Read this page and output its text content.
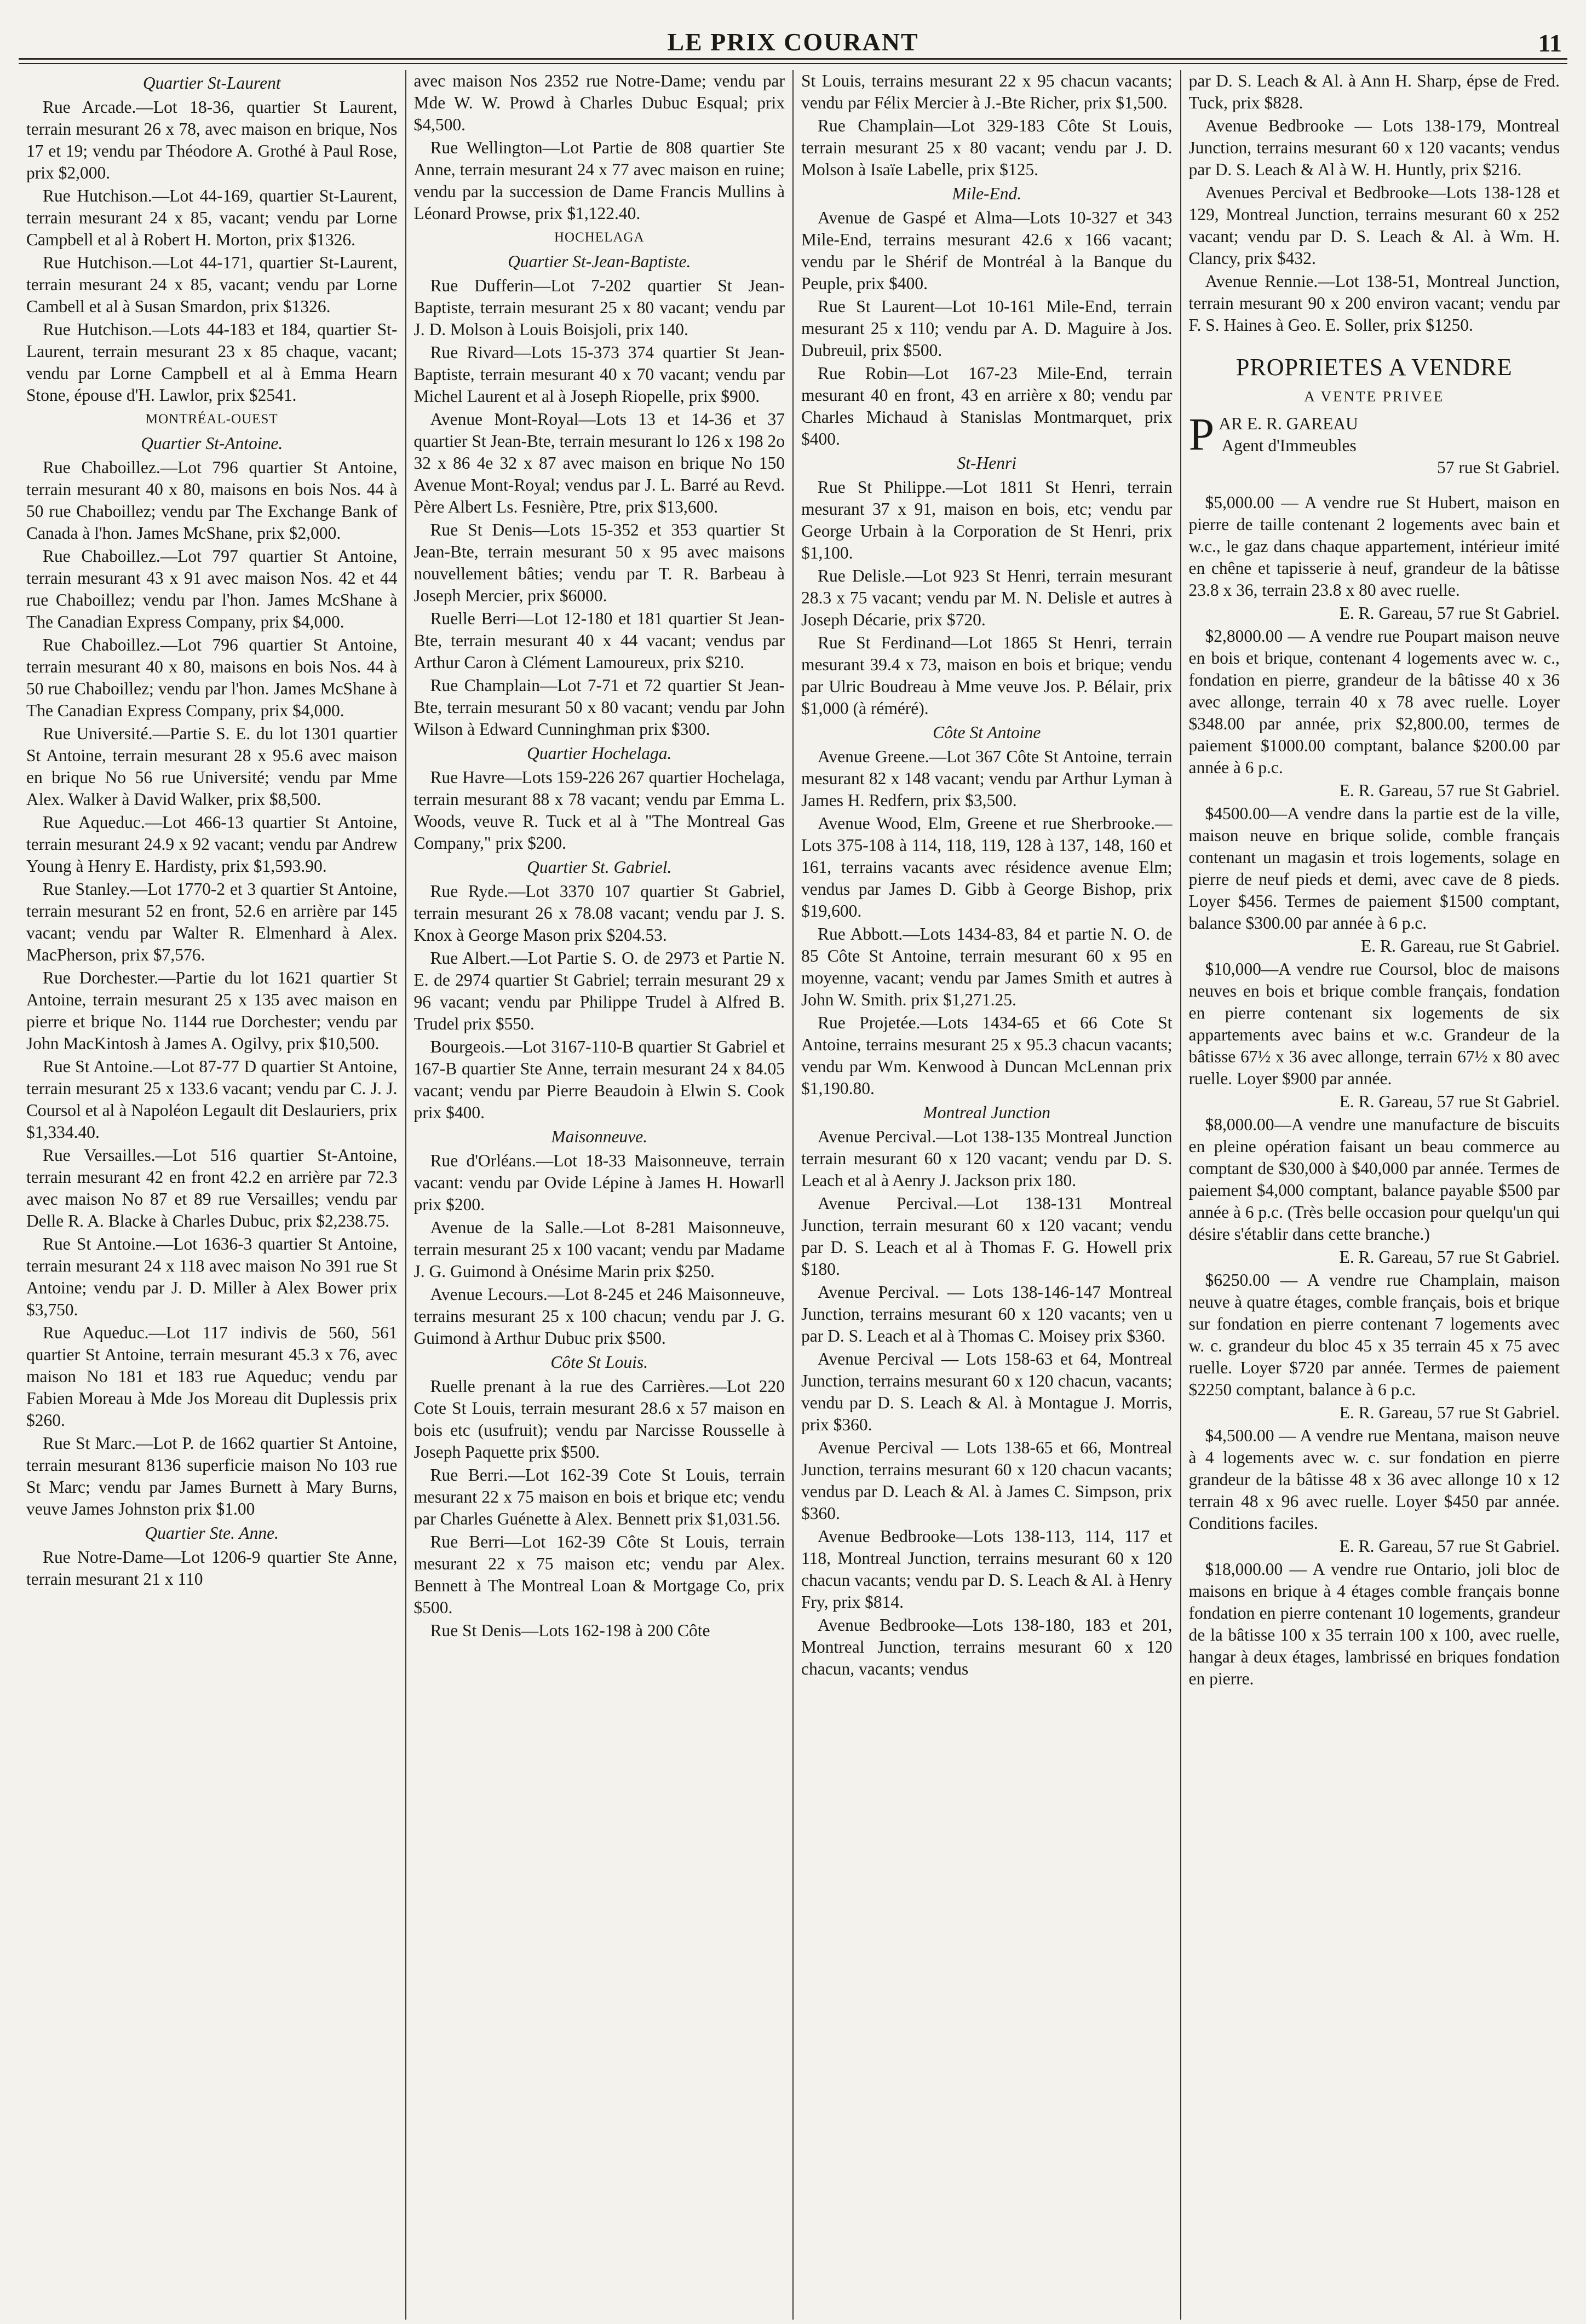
LE PRIX COURANT	11

Quartier St-Laurent

Rue Arcade.—Lot 18-36, quartier St Laurent, terrain mesurant 26 x 78, avec maison en brique, Nos 17 et 19; vendu par Théodore A. Grothé à Paul Rose, prix $2,000.

Rue Hutchison.—Lot 44-169, quartier St-Laurent, terrain mesurant 24 x 85, vacant; vendu par Lorne Campbell et al à Robert H. Morton, prix $1326.

Rue Hutchison.—Lot 44-171, quartier St-Laurent, terrain mesurant 24 x 85, vacant; vendu par Lorne Cambell et al à Susan Smardon, prix $1326.

Rue Hutchison.—Lots 44-183 et 184, quartier St-Laurent, terrain mesurant 23 x 85 chaque, vacant; vendu par Lorne Campbell et al à Emma Hearn Stone, épouse d'H. Lawlor, prix $2541.

MONTRÉAL-OUEST

Quartier St-Antoine.

Rue Chaboillez.—Lot 796 quartier St Antoine, terrain mesurant 40 x 80, maisons en bois Nos. 44 à 50 rue Chaboillez; vendu par The Exchange Bank of Canada à l'hon. James McShane, prix $2,000.

Rue Chaboillez.—Lot 797 quartier St Antoine, terrain mesurant 43 x 91 avec maison Nos. 42 et 44 rue Chaboillez; vendu par l'hon. James McShane à The Canadian Express Company, prix $4,000.

Rue Chaboillez.—Lot 796 quartier St Antoine, terrain mesurant 40 x 80, maisons en bois Nos. 44 à 50 rue Chaboillez; vendu par l'hon. James McShane à The Canadian Express Company, prix $4,000.

Rue Université.—Partie S. E. du lot 1301 quartier St Antoine, terrain mesurant 28 x 95.6 avec maison en brique No 56 rue Université; vendu par Mme Alex. Walker à David Walker, prix $8,500.

Rue Aqueduc.—Lot 466-13 quartier St Antoine, terrain mesurant 24.9 x 92 vacant; vendu par Andrew Young à Henry E. Hardisty, prix $1,593.90.

Rue Stanley.—Lot 1770-2 et 3 quartier St Antoine, terrain mesurant 52 en front, 52.6 en arrière par 145 vacant; vendu par Walter R. Elmenhard à Alex. MacPherson, prix $7,576.

Rue Dorchester.—Partie du lot 1621 quartier St Antoine, terrain mesurant 25 x 135 avec maison en pierre et brique No. 1144 rue Dorchester; vendu par John MacKintosh à James A. Ogilvy, prix $10,500.

Rue St Antoine.—Lot 87-77 D quartier St Antoine, terrain mesurant 25 x 133.6 vacant; vendu par C. J. J. Coursol et al à Napoléon Legault dit Deslauriers, prix $1,334.40.

Rue Versailles.—Lot 516 quartier St-Antoine, terrain mesurant 42 en front 42.2 en arrière par 72.3 avec maison No 87 et 89 rue Versailles; vendu par Delle R. A. Blacke à Charles Dubuc, prix $2,238.75.

Rue St Antoine.—Lot 1636-3 quartier St Antoine, terrain mesurant 24 x 118 avec maison No 391 rue St Antoine; vendu par J. D. Miller à Alex Bower prix $3,750.

Rue Aqueduc.—Lot 117 indivis de 560, 561 quartier St Antoine, terrain mesurant 45.3 x 76, avec maison No 181 et 183 rue Aqueduc; vendu par Fabien Moreau à Mde Jos Moreau dit Duplessis prix $260.

Rue St Marc.—Lot P. de 1662 quartier St Antoine, terrain mesurant 8136 superficie maison No 103 rue St Marc; vendu par James Burnett à Mary Burns, veuve James Johnston prix $1.00

Quartier Ste. Anne.

Rue Notre-Dame—Lot 1206-9 quartier Ste Anne, terrain mesurant 21 x 110

avec maison Nos 2352 rue Notre-Dame; vendu par Mde W. W. Prowd à Charles Dubuc Esqual; prix $4,500.

Rue Wellington—Lot Partie de 808 quartier Ste Anne, terrain mesurant 24 x 77 avec maison en ruine; vendu par la succession de Dame Francis Mullins à Léonard Prowse, prix $1,122.40.

HOCHELAGA

Quartier St-Jean-Baptiste.

Rue Dufferin—Lot 7-202 quartier St Jean-Baptiste, terrain mesurant 25 x 80 vacant; vendu par J. D. Molson à Louis Boisjoli, prix 140.

Rue Rivard—Lots 15-373 374 quartier St Jean-Baptiste, terrain mesurant 40 x 70 vacant; vendu par Michel Laurent et al à Joseph Riopelle, prix $900.

Avenue Mont-Royal—Lots 13 et 14-36 et 37 quartier St Jean-Bte, terrain mesurant lo 126 x 198 2o 32 x 86 4e 32 x 87 avec maison en brique No 150 Avenue Mont-Royal; vendus par J. L. Barré au Revd. Père Albert Ls. Fesnière, Ptre, prix $13,600.

Rue St Denis—Lots 15-352 et 353 quartier St Jean-Bte, terrain mesurant 50 x 95 avec maisons nouvellement bâties; vendu par T. R. Barbeau à Joseph Mercier, prix $6000.

Ruelle Berri—Lot 12-180 et 181 quartier St Jean-Bte, terrain mesurant 40 x 44 vacant; vendus par Arthur Caron à Clément Lamoureux, prix $210.

Rue Champlain—Lot 7-71 et 72 quartier St Jean-Bte, terrain mesurant 50 x 80 vacant; vendu par John Wilson à Edward Cunninghman prix $300.

Quartier Hochelaga.

Rue Havre—Lots 159-226 267 quartier Hochelaga, terrain mesurant 88 x 78 vacant; vendu par Emma L. Woods, veuve R. Tuck et al à "The Montreal Gas Company," prix $200.

Quartier St. Gabriel.

Rue Ryde.—Lot 3370 107 quartier St Gabriel, terrain mesurant 26 x 78.08 vacant; vendu par J. S. Knox à George Mason prix $204.53.

Rue Albert.—Lot Partie S. O. de 2973 et Partie N. E. de 2974 quartier St Gabriel; terrain mesurant 29 x 96 vacant; vendu par Philippe Trudel à Alfred B. Trudel prix $550.

Bourgeois.—Lot 3167-110-B quartier St Gabriel et 167-B quartier Ste Anne, terrain mesurant 24 x 84.05 vacant; vendu par Pierre Beaudoin à Elwin S. Cook prix $400.

Maisonneuve.

Rue d'Orléans.—Lot 18-33 Maisonneuve, terrain vacant: vendu par Ovide Lépine à James H. Howarll prix $200.

Avenue de la Salle.—Lot 8-281 Maisonneuve, terrain mesurant 25 x 100 vacant; vendu par Madame J. G. Guimond à Onésime Marin prix $250.

Avenue Lecours.—Lot 8-245 et 246 Maisonneuve, terrains mesurant 25 x 100 chacun; vendu par J. G. Guimond à Arthur Dubuc prix $500.

Côte St Louis.

Ruelle prenant à la rue des Carrières.—Lot 220 Cote St Louis, terrain mesurant 28.6 x 57 maison en bois etc (usufruit); vendu par Narcisse Rousselle à Joseph Paquette prix $500.

Rue Berri.—Lot 162-39 Cote St Louis, terrain mesurant 22 x 75 maison en bois et brique etc; vendu par Charles Guénette à Alex. Bennett prix $1,031.56.

Rue Berri—Lot 162-39 Côte St Louis, terrain mesurant 22 x 75 maison etc; vendu par Alex. Bennett à The Montreal Loan & Mortgage Co, prix $500.

Rue St Denis—Lots 162-198 à 200 Côte

St Louis, terrains mesurant 22 x 95 chacun vacants; vendu par Félix Mercier à J.-Bte Richer, prix $1,500.

Rue Champlain—Lot 329-183 Côte St Louis, terrain mesurant 25 x 80 vacant; vendu par J. D. Molson à Isaïe Labelle, prix $125.

Mile-End.

Avenue de Gaspé et Alma—Lots 10-327 et 343 Mile-End, terrains mesurant 42.6 x 166 vacant; vendu par le Shérif de Montréal à la Banque du Peuple, prix $400.

Rue St Laurent—Lot 10-161 Mile-End, terrain mesurant 25 x 110; vendu par A. D. Maguire à Jos. Dubreuil, prix $500.

Rue Robin—Lot 167-23 Mile-End, terrain mesurant 40 en front, 43 en arrière x 80; vendu par Charles Michaud à Stanislas Montmarquet, prix $400.

St-Henri

Rue St Philippe.—Lot 1811 St Henri, terrain mesurant 37 x 91, maison en bois, etc; vendu par George Urbain à la Corporation de St Henri, prix $1,100.

Rue Delisle.—Lot 923 St Henri, terrain mesurant 28.3 x 75 vacant; vendu par M. N. Delisle et autres à Joseph Décarie, prix $720.

Rue St Ferdinand—Lot 1865 St Henri, terrain mesurant 39.4 x 73, maison en bois et brique; vendu par Ulric Boudreau à Mme veuve Jos. P. Bélair, prix $1,000 (à réméré).

Côte St Antoine

Avenue Greene.—Lot 367 Côte St Antoine, terrain mesurant 82 x 148 vacant; vendu par Arthur Lyman à James H. Redfern, prix $3,500.

Avenue Wood, Elm, Greene et rue Sherbrooke.—Lots 375-108 à 114, 118, 119, 128 à 137, 148, 160 et 161, terrains vacants avec résidence avenue Elm; vendus par James D. Gibb à George Bishop, prix $19,600.

Rue Abbott.—Lots 1434-83, 84 et partie N. O. de 85 Côte St Antoine, terrain mesurant 60 x 95 en moyenne, vacant; vendu par James Smith et autres à John W. Smith. prix $1,271.25.

Rue Projetée.—Lots 1434-65 et 66 Cote St Antoine, terrains mesurant 25 x 95.3 chacun vacants; vendu par Wm. Kenwood à Duncan McLennan prix $1,190.80.

Montreal Junction

Avenue Percival.—Lot 138-135 Montreal Junction terrain mesurant 60 x 120 vacant; vendu par D. S. Leach et al à Aenry J. Jackson prix 180.

Avenue Percival.—Lot 138-131 Montreal Junction, terrain mesurant 60 x 120 vacant; vendu par D. S. Leach et al à Thomas F. G. Howell prix $180.

Avenue Percival. — Lots 138-146-147 Montreal Junction, terrains mesurant 60 x 120 vacants; ven u par D. S. Leach et al à Thomas C. Moisey prix $360.

Avenue Percival — Lots 158-63 et 64, Montreal Junction, terrains mesurant 60 x 120 chacun, vacants; vendu par D. S. Leach & Al. à Montague J. Morris, prix $360.

Avenue Percival — Lots 138-65 et 66, Montreal Junction, terrains mesurant 60 x 120 chacun vacants; vendus par D. Leach & Al. à James C. Simpson, prix $360.

Avenue Bedbrooke—Lots 138-113, 114, 117 et 118, Montreal Junction, terrains mesurant 60 x 120 chacun vacants; vendu par D. S. Leach & Al. à Henry Fry, prix $814.

Avenue Bedbrooke—Lots 138-180, 183 et 201, Montreal Junction, terrains mesurant 60 x 120 chacun, vacants; vendus

par D. S. Leach & Al. à Ann H. Sharp, épse de Fred. Tuck, prix $828.

Avenue Bedbrooke — Lots 138-179, Montreal Junction, terrains mesurant 60 x 120 vacants; vendus par D. S. Leach & Al à W. H. Huntly, prix $216.

Avenues Percival et Bedbrooke—Lots 138-128 et 129, Montreal Junction, terrains mesurant 60 x 252 vacant; vendu par D. S. Leach & Al. à Wm. H. Clancy, prix $432.

Avenue Rennie.—Lot 138-51, Montreal Junction, terrain mesurant 90 x 200 environ vacant; vendu par F. S. Haines à Geo. E. Soller, prix $1250.

PROPRIETES A VENDRE
A VENTE PRIVEE
P AR E. R. GAREAU
Agent d'Immeubles
57 rue St Gabriel.

$5,000.00 — A vendre rue St Hubert, maison en pierre de taille contenant 2 logements avec bain et w.c., le gaz dans chaque appartement, intérieur imité en chêne et tapisserie à neuf, grandeur de la bâtisse 23.8 x 36, terrain 23.8 x 80 avec ruelle.

E. R. Gareau, 57 rue St Gabriel.

$2,8000.00 — A vendre rue Poupart maison neuve en bois et brique, contenant 4 logements avec w. c., fondation en pierre, grandeur de la bâtisse 40 x 36 avec allonge, terrain 40 x 78 avec ruelle. Loyer $348.00 par année, prix $2,800.00, termes de paiement $1000.00 comptant, balance $200.00 par année à 6 p.c.

E. R. Gareau, 57 rue St Gabriel.

$4500.00—A vendre dans la partie est de la ville, maison neuve en brique solide, comble français contenant un magasin et trois logements, solage en pierre de neuf pieds et demi, avec cave de 8 pieds. Loyer $456. Termes de paiement $1500 comptant, balance $300.00 par année à 6 p.c.

E. R. Gareau, rue St Gabriel.

$10,000—A vendre rue Coursol, bloc de maisons neuves en bois et brique comble français, fondation en pierre contenant six logements de six appartements avec bains et w.c. Grandeur de la bâtisse 67½ x 36 avec allonge, terrain 67½ x 80 avec ruelle. Loyer $900 par année.

E. R. Gareau, 57 rue St Gabriel.

$8,000.00—A vendre une manufacture de biscuits en pleine opération faisant un beau commerce au comptant de $30,000 à $40,000 par année. Termes de paiement $4,000 comptant, balance payable $500 par année à 6 p.c. (Très belle occasion pour quelqu'un qui désire s'établir dans cette branche.)

E. R. Gareau, 57 rue St Gabriel.

$6250.00 — A vendre rue Champlain, maison neuve à quatre étages, comble français, bois et brique sur fondation en pierre contenant 7 logements avec w. c. grandeur du bloc 45 x 35 terrain 45 x 75 avec ruelle. Loyer $720 par année. Termes de paiement $2250 comptant, balance à 6 p.c.

E. R. Gareau, 57 rue St Gabriel.

$4,500.00 — A vendre rue Mentana, maison neuve à 4 logements avec w. c. sur fondation en pierre grandeur de la bâtisse 48 x 36 avec allonge 10 x 12 terrain 48 x 96 avec ruelle. Loyer $450 par année. Conditions faciles.

E. R. Gareau, 57 rue St Gabriel.

$18,000.00 — A vendre rue Ontario, joli bloc de maisons en brique à 4 étages comble français bonne fondation en pierre contenant 10 logements, grandeur de la bâtisse 100 x 35 terrain 100 x 100, avec ruelle, hangar à deux étages, lambrissé en briques fondation en pierre.
